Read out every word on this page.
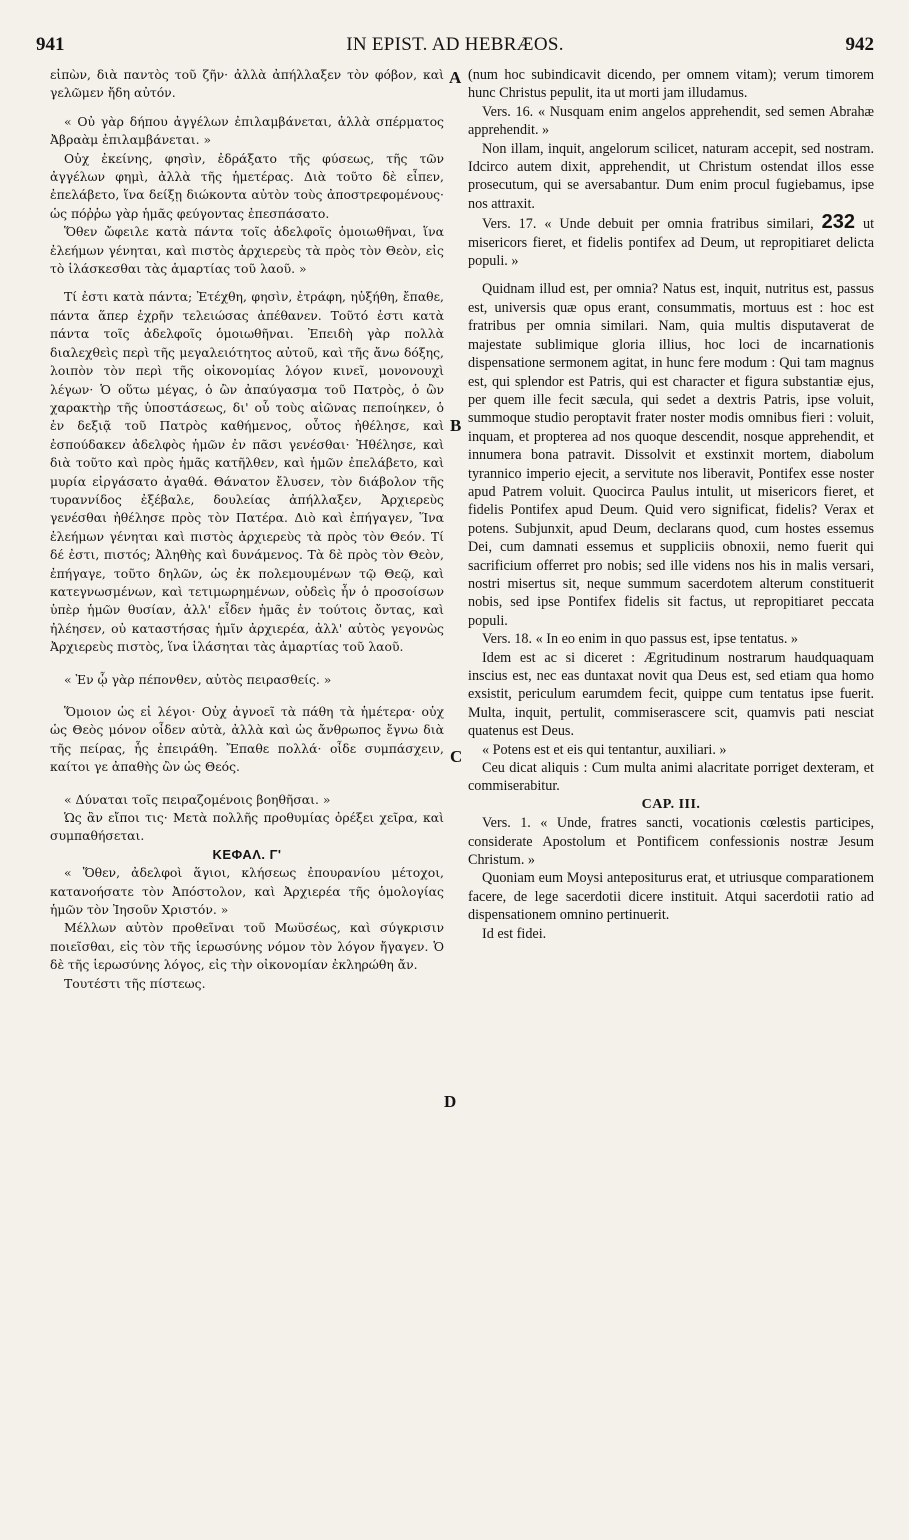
941	IN EPIST. AD HEBRÆOS.	942
A
B
C
D

εἰπὼν, διὰ παντὸς τοῦ ζῆν· ἀλλὰ ἀπήλλαξεν τὸν φόβον, καὶ γελῶμεν ἤδη αὐτόν.

« Οὐ γὰρ δήπου ἀγγέλων ἐπιλαμβάνεται, ἀλλὰ σπέρματος Ἀβραὰμ ἐπιλαμβάνεται. »

Οὐχ ἐκείνης, φησὶν, ἐδράξατο τῆς φύσεως, τῆς τῶν ἀγγέλων φημὶ, ἀλλὰ τῆς ἡμετέρας. Διὰ τοῦτο δὲ εἶπεν, ἐπελάβετο, ἵνα δείξῃ διώκοντα αὐτὸν τοὺς ἀποστρεφομένους· ὡς πόῤῥω γὰρ ἡμᾶς φεύγοντας ἐπεσπάσατο.

Ὅθεν ὤφειλε κατὰ πάντα τοῖς ἀδελφοῖς ὁμοιωθῆναι, ἵνα ἐλεήμων γένηται, καὶ πιστὸς ἀρχιερεὺς τὰ πρὸς τὸν Θεὸν, εἰς τὸ ἱλάσκεσθαι τὰς ἁμαρτίας τοῦ λαοῦ. »

Τί ἐστι κατὰ πάντα; Ἐτέχθη, φησὶν, ἐτράφη, ηὐξήθη, ἔπαθε, πάντα ἅπερ ἐχρῆν τελειώσας ἀπέθανεν. Τοῦτό ἐστι κατὰ πάντα τοῖς ἀδελφοῖς ὁμοιωθῆναι. Ἐπειδὴ γὰρ πολλὰ διαλεχθεὶς περὶ τῆς μεγαλειότητος αὐτοῦ, καὶ τῆς ἄνω δόξης, λοιπὸν τὸν περὶ τῆς οἰκονομίας λόγον κινεῖ, μονονουχὶ λέγων· Ὁ οὕτω μέγας, ὁ ὢν ἀπαύγασμα τοῦ Πατρὸς, ὁ ὢν χαρακτὴρ τῆς ὑποστάσεως, δι' οὗ τοὺς αἰῶνας πεποίηκεν, ὁ ἐν δεξιᾷ τοῦ Πατρὸς καθήμενος, οὗτος ἠθέλησε, καὶ ἐσπούδακεν ἀδελφὸς ἡμῶν ἐν πᾶσι γενέσθαι· Ἠθέλησε, καὶ διὰ τοῦτο καὶ πρὸς ἡμᾶς κατῆλθεν, καὶ ἡμῶν ἐπελάβετο, καὶ μυρία εἰργάσατο ἀγαθά. Θάνατον ἔλυσεν, τὸν διάβολον τῆς τυραννίδος ἐξέβαλε, δουλείας ἀπήλλαξεν, Ἀρχιερεὺς γενέσθαι ἠθέλησε πρὸς τὸν Πατέρα. Διὸ καὶ ἐπήγαγεν, Ἵνα ἐλεήμων γένηται καὶ πιστὸς ἀρχιερεὺς τὰ πρὸς τὸν Θεόν. Τί δέ ἐστι, πιστός; Ἀληθὴς καὶ δυνάμενος. Τὰ δὲ πρὸς τὸν Θεὸν, ἐπήγαγε, τοῦτο δηλῶν, ὡς ἐκ πολεμουμένων τῷ Θεῷ, καὶ κατεγνωσμένων, καὶ τετιμωρημένων, οὐδεὶς ἦν ὁ προσοίσων ὑπὲρ ἡμῶν θυσίαν, ἀλλ' εἶδεν ἡμᾶς ἐν τούτοις ὄντας, καὶ ἠλέησεν, οὐ καταστήσας ἡμῖν ἀρχιερέα, ἀλλ' αὐτὸς γεγονὼς Ἀρχιερεὺς πιστὸς, ἵνα ἱλάσηται τὰς ἁμαρτίας τοῦ λαοῦ.

« Ἐν ᾧ γὰρ πέπονθεν, αὐτὸς πειρασθείς. »

Ὅμοιον ὡς εἰ λέγοι· Οὐχ ἀγνοεῖ τὰ πάθη τὰ ἡμέτερα· οὐχ ὡς Θεὸς μόνον οἶδεν αὐτὰ, ἀλλὰ καὶ ὡς ἄνθρωπος ἔγνω διὰ τῆς πείρας, ἧς ἐπειράθη. Ἔπαθε πολλά· οἶδε συμπάσχειν, καίτοι γε ἀπαθὴς ὢν ὡς Θεός.

« Δύναται τοῖς πειραζομένοις βοηθῆσαι. »

Ὡς ἂν εἴποι τις· Μετὰ πολλῆς προθυμίας ὀρέξει χεῖρα, καὶ συμπαθήσεται.

ΚΕΦΑΛ. Γ'

« Ὅθεν, ἀδελφοὶ ἅγιοι, κλήσεως ἐπουρανίου μέτοχοι, κατανοήσατε τὸν Ἀπόστολον, καὶ Ἀρχιερέα τῆς ὁμολογίας ἡμῶν τὸν Ἰησοῦν Χριστόν. »

Μέλλων αὐτὸν προθεῖναι τοῦ Μωϋσέως, καὶ σύγκρισιν ποιεῖσθαι, εἰς τὸν τῆς ἱερωσύνης νόμον τὸν λόγον ἤγαγεν. Ὁ δὲ τῆς ἱερωσύνης λόγος, εἰς τὴν οἰκονομίαν ἐκληρώθη ἄν.

Τουτέστι τῆς πίστεως.

(num hoc subindicavit dicendo, per omnem vitam); verum timorem hunc Christus pepulit, ita ut morti jam illudamus.

Vers. 16. « Nusquam enim angelos apprehendit, sed semen Abrahæ apprehendit. »

Non illam, inquit, angelorum scilicet, naturam accepit, sed nostram. Idcirco autem dixit, apprehendit, ut Christum ostendat illos esse prosecutum, qui se aversabantur. Dum enim procul fugiebamus, ipse nos attraxit.

Vers. 17. « Unde debuit per omnia fratribus similari, 232 ut misericors fieret, et fidelis pontifex ad Deum, ut repropitiaret delicta populi. »

Quidnam illud est, per omnia? Natus est, inquit, nutritus est, passus est, universis quæ opus erant, consummatis, mortuus est : hoc est fratribus per omnia similari. Nam, quia multis disputaverat de majestate sublimique gloria illius, hoc loci de incarnationis dispensatione sermonem agitat, in hunc fere modum : Qui tam magnus est, qui splendor est Patris, qui est character et figura substantiæ ejus, per quem ille fecit sæcula, qui sedet a dextris Patris, ipse voluit, summoque studio peroptavit frater noster modis omnibus fieri : voluit, inquam, et propterea ad nos quoque descendit, nosque apprehendit, et innumera bona patravit. Dissolvit et exstinxit mortem, diabolum tyrannico imperio ejecit, a servitute nos liberavit, Pontifex esse noster apud Patrem voluit. Quocirca Paulus intulit, ut misericors fieret, et fidelis Pontifex apud Deum. Quid vero significat, fidelis? Verax et potens. Subjunxit, apud Deum, declarans quod, cum hostes essemus Dei, cum damnati essemus et suppliciis obnoxii, nemo fuerit qui sacrificium offerret pro nobis; sed ille videns nos his in malis versari, nostri misertus sit, neque summum sacerdotem alterum constituerit nobis, sed ipse Pontifex fidelis sit factus, ut repropitiaret peccata populi.

Vers. 18. « In eo enim in quo passus est, ipse tentatus. »

Idem est ac si diceret : Ægritudinum nostrarum haudquaquam inscius est, nec eas duntaxat novit qua Deus est, sed etiam qua homo exsistit, periculum earumdem fecit, quippe cum tentatus ipse fuerit. Multa, inquit, pertulit, commiserascere scit, quamvis pati nesciat quatenus est Deus.

« Potens est et eis qui tentantur, auxiliari. »

Ceu dicat aliquis : Cum multa animi alacritate porriget dexteram, et commiserabitur.

CAP. III.

Vers. 1. « Unde, fratres sancti, vocationis cœlestis participes, considerate Apostolum et Pontificem confessionis nostræ Jesum Christum. »

Quoniam eum Moysi antepositurus erat, et utriusque comparationem facere, de lege sacerdotii dicere instituit. Atqui sacerdotii ratio ad dispensationem omnino pertinuerit.

Id est fidei.
